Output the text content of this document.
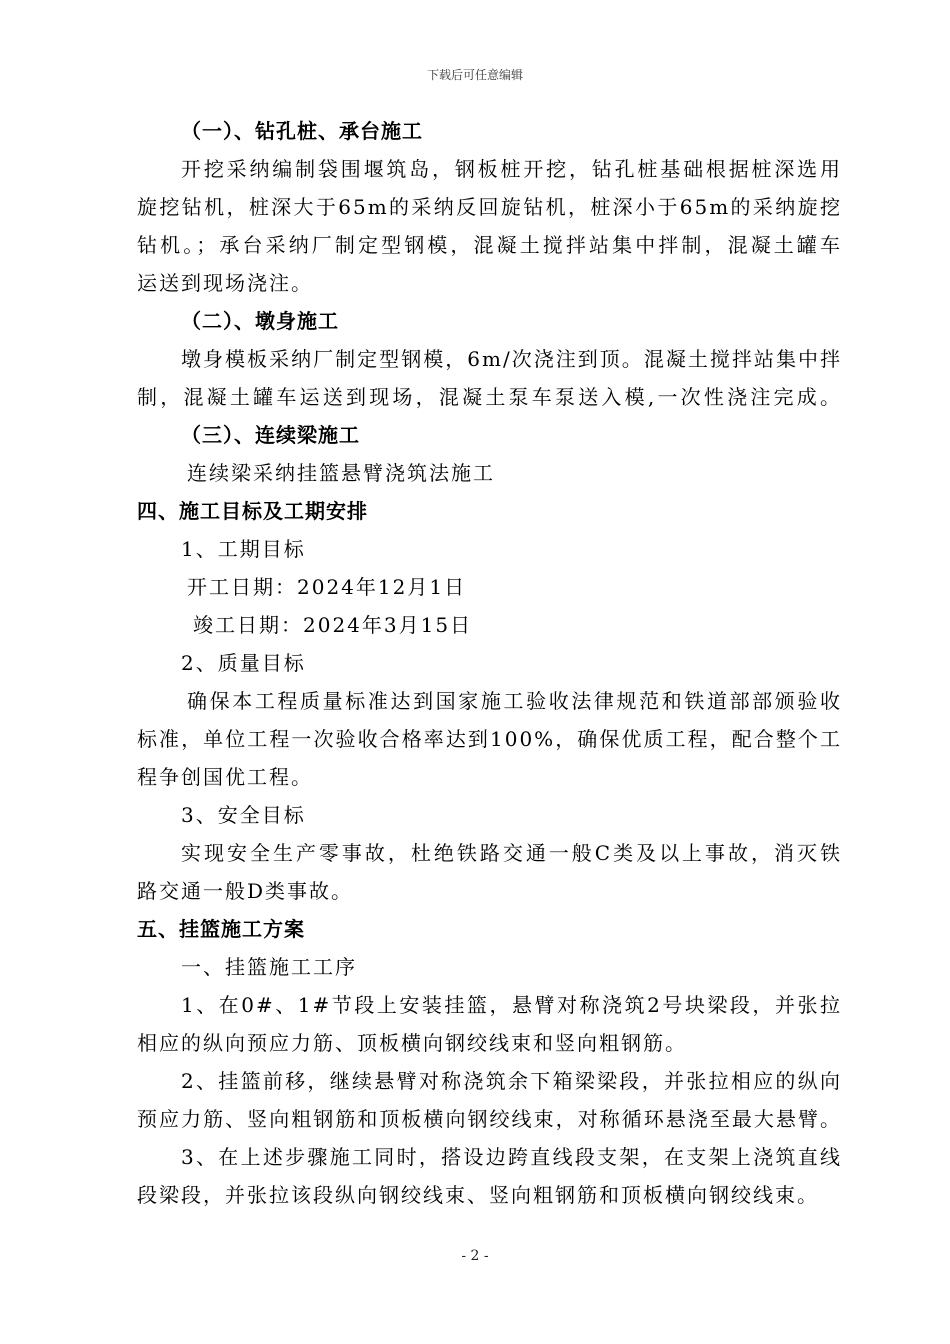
下载后可任意编辑
（一）、钻孔桩、承台施工
开挖采纳编制袋围堰筑岛，钢板桩开挖，钻孔桩基础根据桩深选用
旋挖钻机，桩深大于65m的采纳反回旋钻机，桩深小于65m的采纳旋挖
钻机。；承台采纳厂制定型钢模，混凝土搅拌站集中拌制，混凝土罐车
运送到现场浇注。
（二）、墩身施工
墩身模板采纳厂制定型钢模，6m/次浇注到顶。混凝土搅拌站集中拌
制，混凝土罐车运送到现场，混凝土泵车泵送入模,一次性浇注完成。
（三）、连续梁施工
连续梁采纳挂篮悬臂浇筑法施工
四、施工目标及工期安排
1、工期目标
开工日期：2024年12月1日
竣工日期：2024年3月15日
2、质量目标
确保本工程质量标准达到国家施工验收法律规范和铁道部部颁验收
标准，单位工程一次验收合格率达到100%，确保优质工程，配合整个工
程争创国优工程。
3、安全目标
实现安全生产零事故，杜绝铁路交通一般C类及以上事故，消灭铁
路交通一般D类事故。
五、挂篮施工方案
一、挂篮施工工序
1、在0#、1#节段上安装挂篮，悬臂对称浇筑2号块梁段，并张拉
相应的纵向预应力筋、顶板横向钢绞线束和竖向粗钢筋。
2、挂篮前移，继续悬臂对称浇筑余下箱梁梁段，并张拉相应的纵向
预应力筋、竖向粗钢筋和顶板横向钢绞线束，对称循环悬浇至最大悬臂。
3、在上述步骤施工同时，搭设边跨直线段支架，在支架上浇筑直线
段梁段，并张拉该段纵向钢绞线束、竖向粗钢筋和顶板横向钢绞线束。
- 2 -
